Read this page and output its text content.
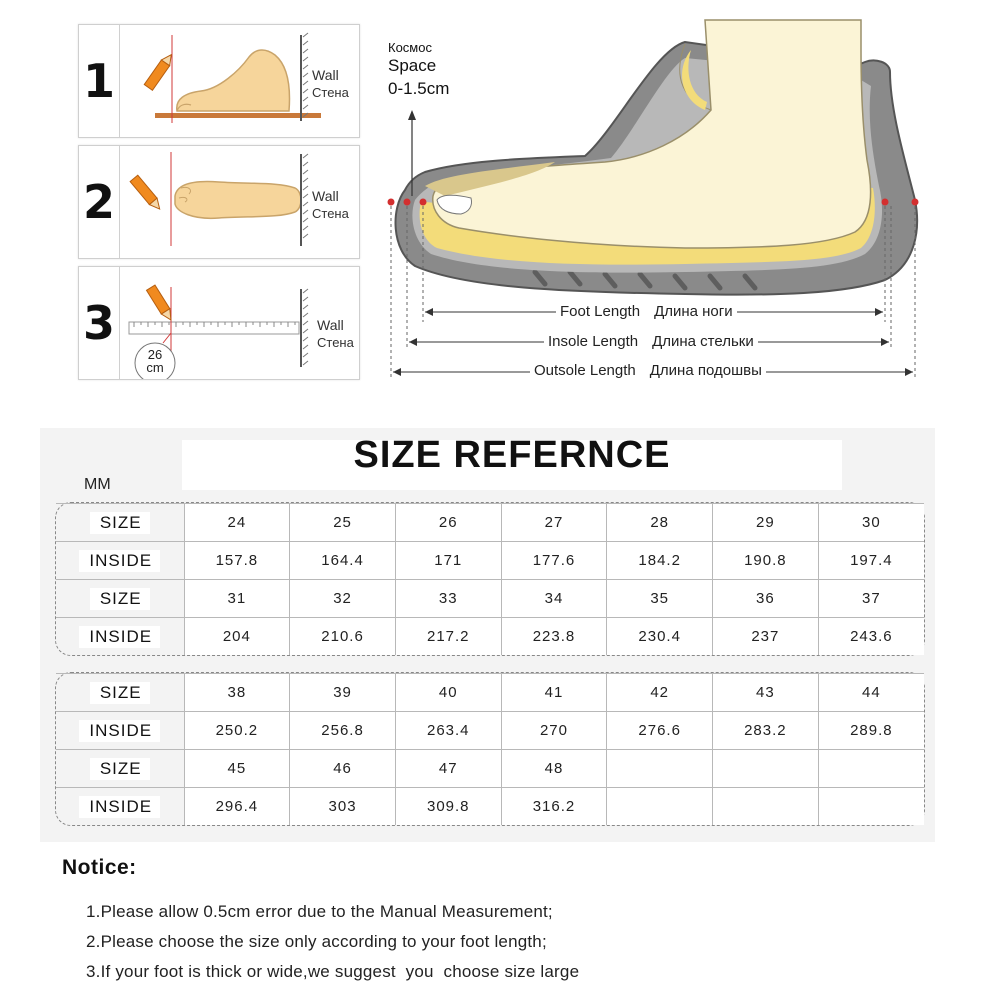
1	Wall
Стена
2	Wall
Стена
3
26
cm
Wall
Стена
Космос
Space
0-1.5cm
Foot Length Длина ноги
Insole Length Длина стельки
Outsole Length Длина подошвы
SIZE REFERNCE
MM
SIZE	24	25	26	27	28	29	30
INSIDE	157.8	164.4	171	177.6	184.2	190.8	197.4
SIZE	31	32	33	34	35	36	37
INSIDE	204	210.6	217.2	223.8	230.4	237	243.6
SIZE	38	39	40	41	42	43	44
INSIDE	250.2	256.8	263.4	270	276.6	283.2	289.8
SIZE	45	46	47	48			
INSIDE	296.4	303	309.8	316.2			
Notice:
1.Please allow 0.5cm error due to the Manual Measurement;
2.Please choose the size only according to your foot length;
3.If your foot is thick or wide,we suggest  you  choose size large
